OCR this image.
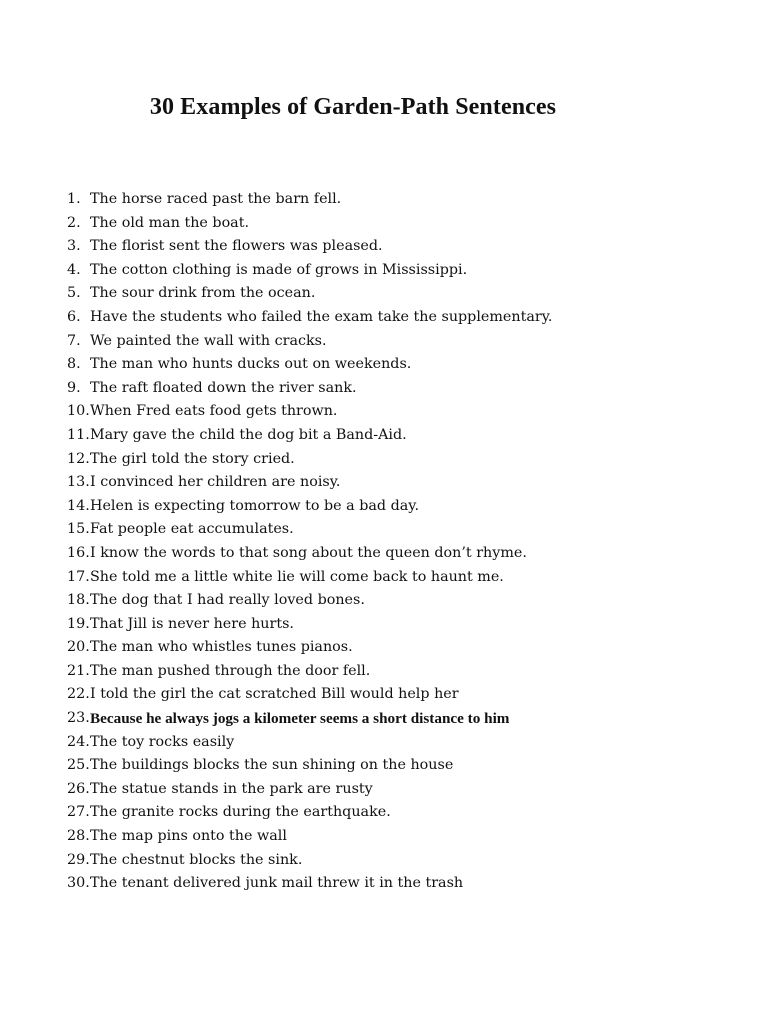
30 Examples of Garden-Path Sentences
1. The horse raced past the barn fell.
2. The old man the boat.
3. The florist sent the flowers was pleased.
4. The cotton clothing is made of grows in Mississippi.
5. The sour drink from the ocean.
6. Have the students who failed the exam take the supplementary.
7. We painted the wall with cracks.
8. The man who hunts ducks out on weekends.
9. The raft floated down the river sank.
10. When Fred eats food gets thrown.
11. Mary gave the child the dog bit a Band-Aid.
12. The girl told the story cried.
13. I convinced her children are noisy.
14. Helen is expecting tomorrow to be a bad day.
15. Fat people eat accumulates.
16. I know the words to that song about the queen don’t rhyme.
17. She told me a little white lie will come back to haunt me.
18. The dog that I had really loved bones.
19. That Jill is never here hurts.
20. The man who whistles tunes pianos.
21. The man pushed through the door fell.
22. I told the girl the cat scratched Bill would help her
23. Because he always jogs a kilometer seems a short distance to him
24. The toy rocks easily
25. The buildings blocks the sun shining on the house
26. The statue stands in the park are rusty
27. The granite rocks during the earthquake.
28. The map pins onto the wall
29. The chestnut blocks the sink.
30. The tenant delivered junk mail threw it in the trash
